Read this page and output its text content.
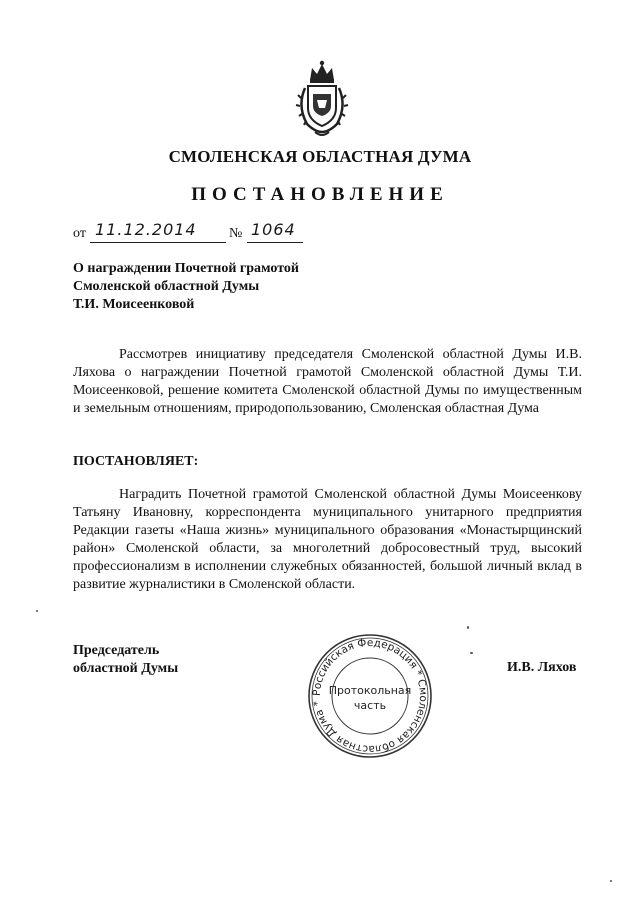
СМОЛЕНСКАЯ ОБЛАСТНАЯ ДУМА
ПОСТАНОВЛЕНИЕ
от 11.12.2014 № 1064
О награждении Почетной грамотой
Смоленской областной Думы
Т.И. Моисеенковой
Рассмотрев инициативу председателя Смоленской областной Думы И.В. Ляхова о награждении Почетной грамотой Смоленской областной Думы Т.И. Моисеенковой, решение комитета Смоленской областной Думы по имущественным и земельным отношениям, природопользованию, Смоленская областная Дума
ПОСТАНОВЛЯЕТ:
Наградить Почетной грамотой Смоленской областной Думы Моисеенкову Татьяну Ивановну, корреспондента муниципального унитарного предприятия Редакции газеты «Наша жизнь» муниципального образования «Монастырщинский район» Смоленской области, за многолетний добросовестный труд, высокий профессионализм в исполнении служебных обязанностей, большой личный вклад в развитие журналистики в Смоленской области.
Председатель
областной Думы	И.В. Ляхов
Российская Федерация * Смоленская областная Дума *
Протокольная
часть
